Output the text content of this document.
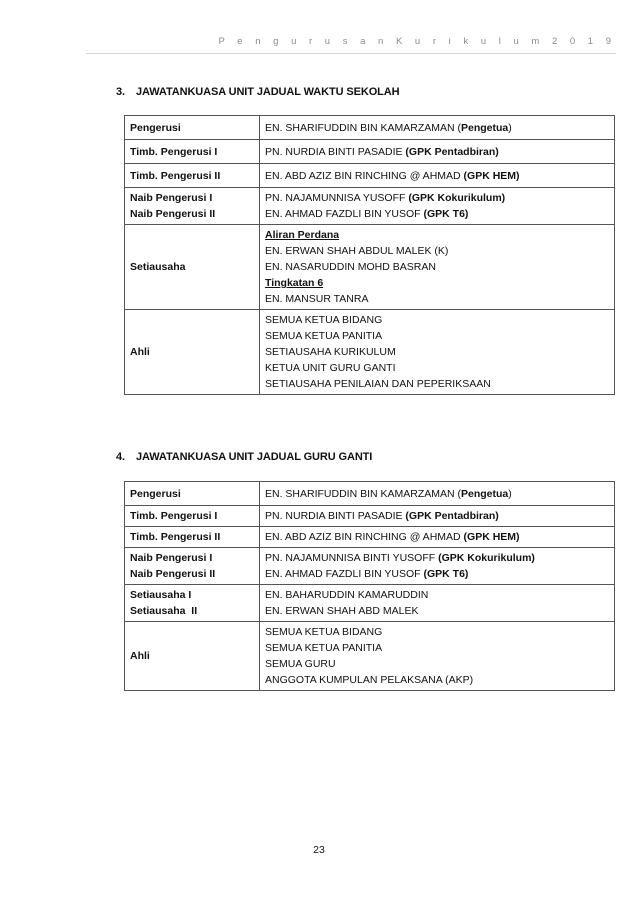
P e n g u r u s a n K u r i k u l u m 2 0 1 9
3. JAWATANKUASA UNIT JADUAL WAKTU SEKOLAH
Pengerusi	EN. SHARIFUDDIN BIN KAMARZAMAN (Pengetua)
Timb. Pengerusi I	PN. NURDIA BINTI PASADIE (GPK Pentadbiran)
Timb. Pengerusi II	EN. ABD AZIZ BIN RINCHING @ AHMAD (GPK HEM)

Naib Pengerusi I
Naib Pengerusi II	PN. NAJAMUNNISA YUSOFF (GPK Kokurikulum)
EN. AHMAD FAZDLI BIN YUSOF (GPK T6)

Setiausaha	Aliran Perdana
EN. ERWAN SHAH ABDUL MALEK (K)
EN. NASARUDDIN MOHD BASRAN
Tingkatan 6
EN. MANSUR TANRA

Ahli	SEMUA KETUA BIDANG
SEMUA KETUA PANITIA
SETIAUSAHA KURIKULUM
KETUA UNIT GURU GANTI
SETIAUSAHA PENILAIAN DAN PEPERIKSAAN
4. JAWATANKUASA UNIT JADUAL GURU GANTI
Pengerusi	EN. SHARIFUDDIN BIN KAMARZAMAN (Pengetua)
Timb. Pengerusi I	PN. NURDIA BINTI PASADIE (GPK Pentadbiran)
Timb. Pengerusi II	EN. ABD AZIZ BIN RINCHING @ AHMAD (GPK HEM)

Naib Pengerusi I
Naib Pengerusi II	PN. NAJAMUNNISA BINTI YUSOFF (GPK Kokurikulum)
EN. AHMAD FAZDLI BIN YUSOF (GPK T6)

Setiausaha I
Setiausaha  II	EN. BAHARUDDIN KAMARUDDIN
EN. ERWAN SHAH ABD MALEK

Ahli	SEMUA KETUA BIDANG
SEMUA KETUA PANITIA
SEMUA GURU
ANGGOTA KUMPULAN PELAKSANA (AKP)
23
